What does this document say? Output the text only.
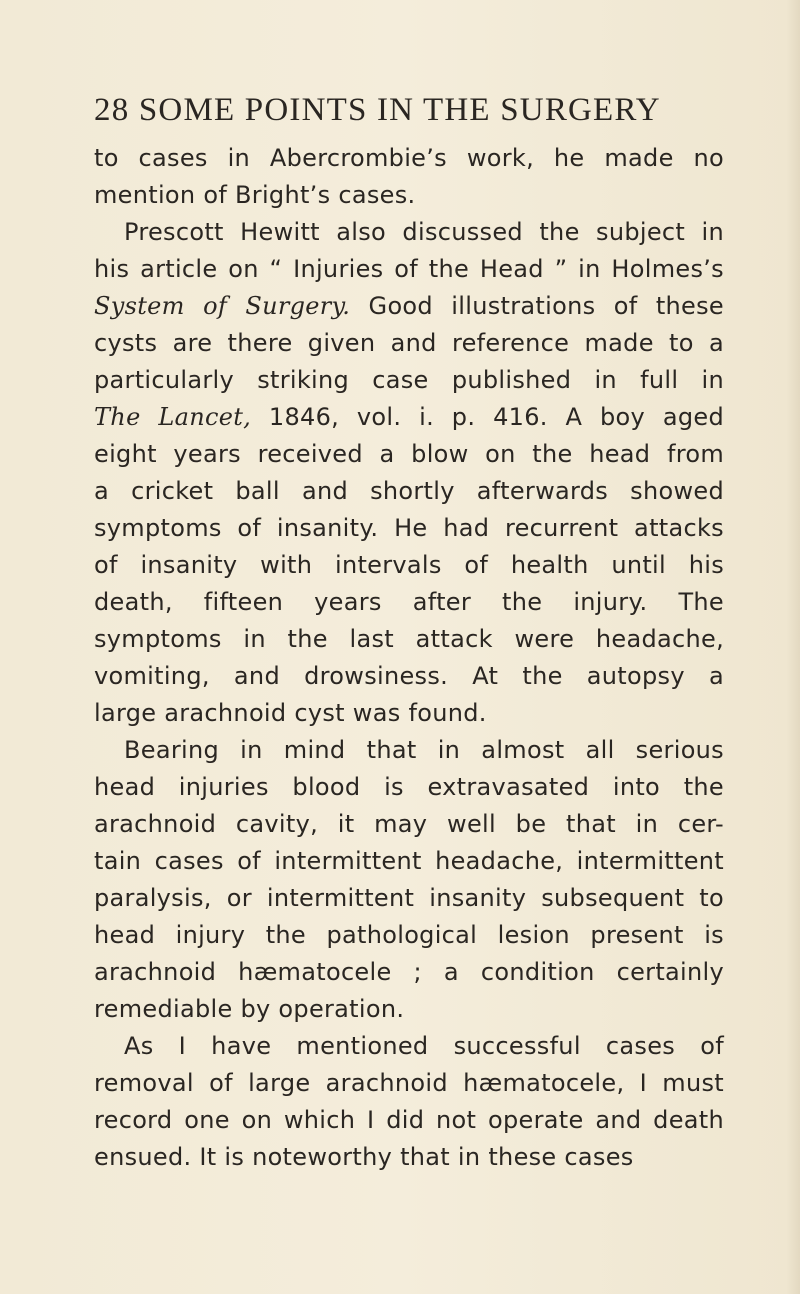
28 SOME POINTS IN THE SURGERY
to cases in Abercrombie’s work, he made no
mention of Bright’s cases.
Prescott Hewitt also discussed the subject in
his article on “ Injuries of the Head ” in Holmes’s
System of Surgery. Good illustrations of these
cysts are there given and reference made to a
particularly striking case published in full in
The Lancet, 1846, vol. i. p. 416. A boy aged
eight years received a blow on the head from
a cricket ball and shortly afterwards showed
symptoms of insanity. He had recurrent attacks
of insanity with intervals of health until his
death, fifteen years after the injury. The
symptoms in the last attack were headache,
vomiting, and drowsiness. At the autopsy a
large arachnoid cyst was found.
Bearing in mind that in almost all serious
head injuries blood is extravasated into the
arachnoid cavity, it may well be that in cer-
tain cases of intermittent headache, intermittent
paralysis, or intermittent insanity subsequent to
head injury the pathological lesion present is
arachnoid hæmatocele ; a condition certainly
remediable by operation.
As I have mentioned successful cases of
removal of large arachnoid hæmatocele, I must
record one on which I did not operate and death
ensued. It is noteworthy that in these cases
